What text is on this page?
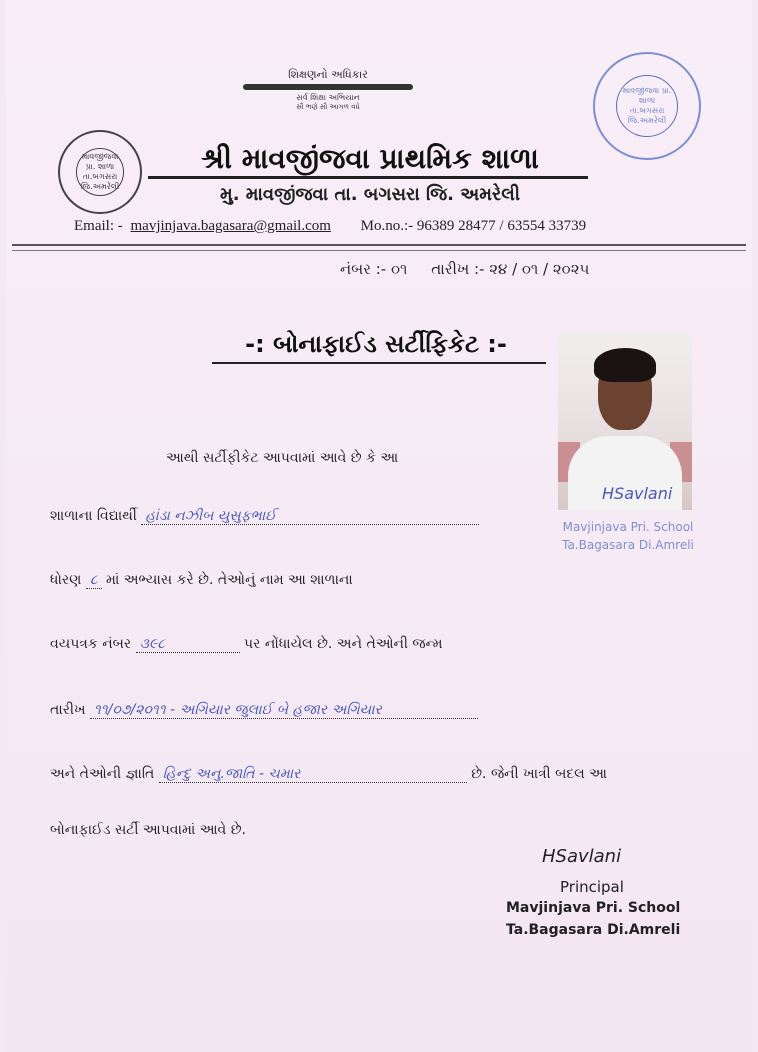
શિક્ષણનો અધિકાર
સર્વ શિક્ષા અભિયાન
સૌ ભણે સૌ આગળ વધે
માવજીંજવા પ્રા. શાળા
તા.બગસરા જિ.અમરેલી
માવજીંજવા પ્રા. શાળા
તા.બગસરા જિ.અમરેલી
શ્રી માવજીંજવા પ્રાથમિક શાળા
મુ. માવજીંજવા તા. બગસરા જિ. અમરેલી
Email: - mavjinjava.bagasara@gmail.com Mo.no.:- 96389 28477 / 63554 33739
નંબર :- ૦૧ તારીખ :- ૨૪ / ૦૧ / ૨૦૨૫
-: બોનાફાઈડ સર્ટીફિકેટ :-
HSavlani
Mavjinjava Pri. School
Ta.Bagasara Di.Amreli
આથી સર્ટીફીકેટ આપવામાં આવે છે કે આ
શાળાના વિદ્યાર્થી હાંડા નઝીબ યુસુફભાઈ
ધોરણ ૮ માં અભ્યાસ કરે છે. તેઓનું નામ આ શાળાના
વયપત્રક નંબર ૩૯૮	પર નોંધાયેલ છે. અને તેઓની જન્મ
તારીખ ૧૧/૦૭/૨૦૧૧ - અગિયાર જુલાઈ બે હજાર અગિયાર
અને તેઓની જ્ઞાતિ હિન્દુ અનુ.જાતિ - ચમાર	છે. જેની ખાત્રી બદલ આ
બોનાફાઈડ સર્ટી આપવામાં આવે છે.
HSavlani
Principal
Mavjinjava Pri. School
Ta.Bagasara Di.Amreli
